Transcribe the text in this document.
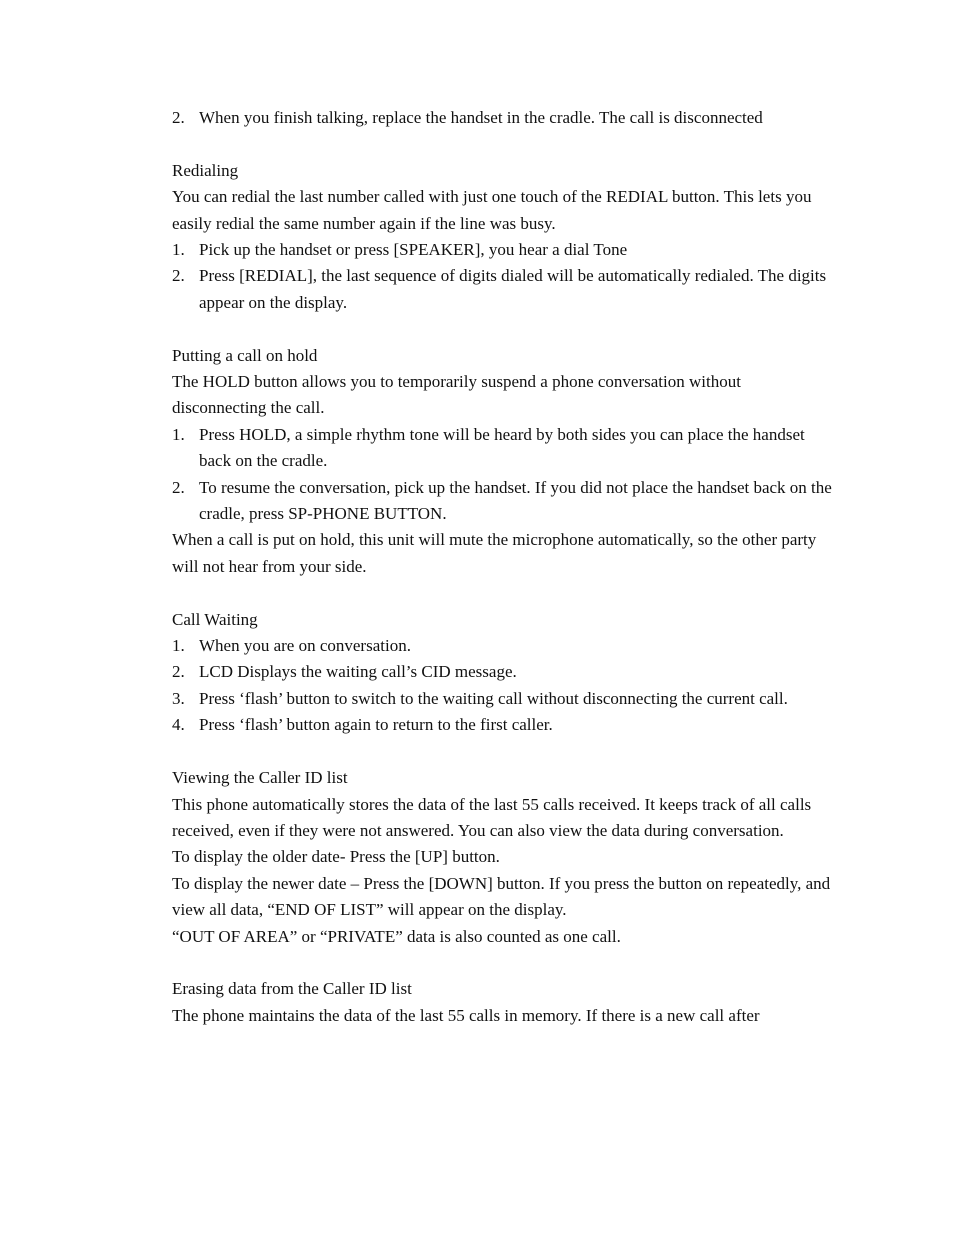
2. When you finish talking, replace the handset in the cradle. The call is disconnected

Redialing

You can redial the last number called with just one touch of the REDIAL button. This lets you easily redial the same number again if the line was busy.

1. Pick up the handset or press [SPEAKER], you hear a dial Tone
2. Press [REDIAL], the last sequence of digits dialed will be automatically redialed. The digits appear on the display.

Putting a call on hold

The HOLD button allows you to temporarily suspend a phone conversation without disconnecting the call.

1. Press HOLD, a simple rhythm tone will be heard by both sides you can place the handset back on the cradle.
2. To resume the conversation, pick up the handset. If you did not place the handset back on the cradle, press SP-PHONE BUTTON.

When a call is put on hold, this unit will mute the microphone automatically, so the other party will not hear from your side.

Call Waiting

1. When you are on conversation.
2. LCD Displays the waiting call’s CID message.
3. Press ‘flash’ button to switch to the waiting call without disconnecting the current call.
4. Press ‘flash’ button again to return to the first caller.

Viewing the Caller ID list

This phone automatically stores the data of the last 55 calls received. It keeps track of all calls received, even if they were not answered. You can also view the data during conversation.

To display the older date- Press the [UP] button.

To display the newer date – Press the [DOWN] button. If you press the button on repeatedly, and view all data, “END OF LIST” will appear on the display.

“OUT OF AREA” or “PRIVATE” data is also counted as one call.

Erasing data from the Caller ID list

The phone maintains the data of the last 55 calls in memory. If there is a new call after
